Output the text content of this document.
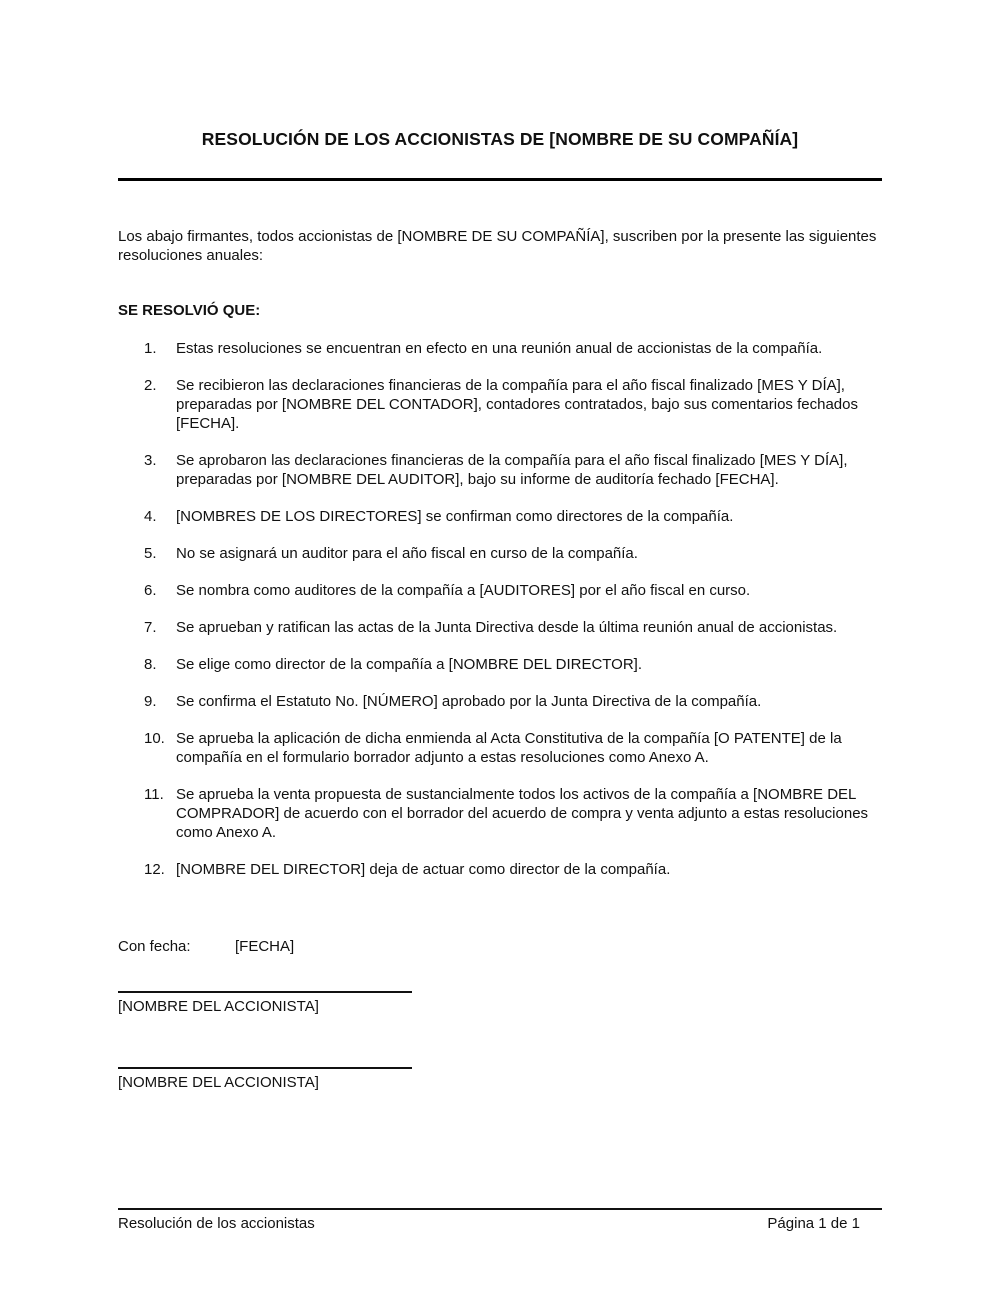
RESOLUCIÓN DE LOS ACCIONISTAS DE [NOMBRE DE SU COMPAÑÍA]
Los abajo firmantes, todos accionistas de [NOMBRE DE SU COMPAÑÍA], suscriben por la presente las siguientes resoluciones anuales:
SE RESOLVIÓ QUE:
1.	Estas resoluciones se encuentran en efecto en una reunión anual de accionistas de la compañía.
2.	Se recibieron las declaraciones financieras de la compañía para el año fiscal finalizado [MES Y DÍA], preparadas por [NOMBRE DEL CONTADOR], contadores contratados, bajo sus comentarios fechados [FECHA].
3.	Se aprobaron las declaraciones financieras de la compañía para el año fiscal finalizado [MES Y DÍA], preparadas por [NOMBRE DEL AUDITOR], bajo su informe de auditoría fechado [FECHA].
4.	[NOMBRES DE LOS DIRECTORES] se confirman como directores de la compañía.
5.	No se asignará un auditor para el año fiscal en curso de la compañía.
6.	Se nombra como auditores de la compañía a [AUDITORES] por el año fiscal en curso.
7.	Se aprueban y ratifican las actas de la Junta Directiva desde la última reunión anual de accionistas.
8.	Se elige como director de la compañía a [NOMBRE DEL DIRECTOR].
9.	Se confirma el Estatuto No. [NÚMERO] aprobado por la Junta Directiva de la compañía.
10. Se aprueba la aplicación de dicha enmienda al Acta Constitutiva de la compañía [O PATENTE] de la compañía en el formulario borrador adjunto a estas resoluciones como Anexo A.
11. Se aprueba la venta propuesta de sustancialmente todos los activos de la compañía a [NOMBRE DEL COMPRADOR] de acuerdo con el borrador del acuerdo de compra y venta adjunto a estas resoluciones como Anexo A.
12. [NOMBRE DEL DIRECTOR] deja de actuar como director de la compañía.
Con fecha:	[FECHA]
[NOMBRE DEL ACCIONISTA]
[NOMBRE DEL ACCIONISTA]
Resolución de los accionistas	Página 1 de 1
